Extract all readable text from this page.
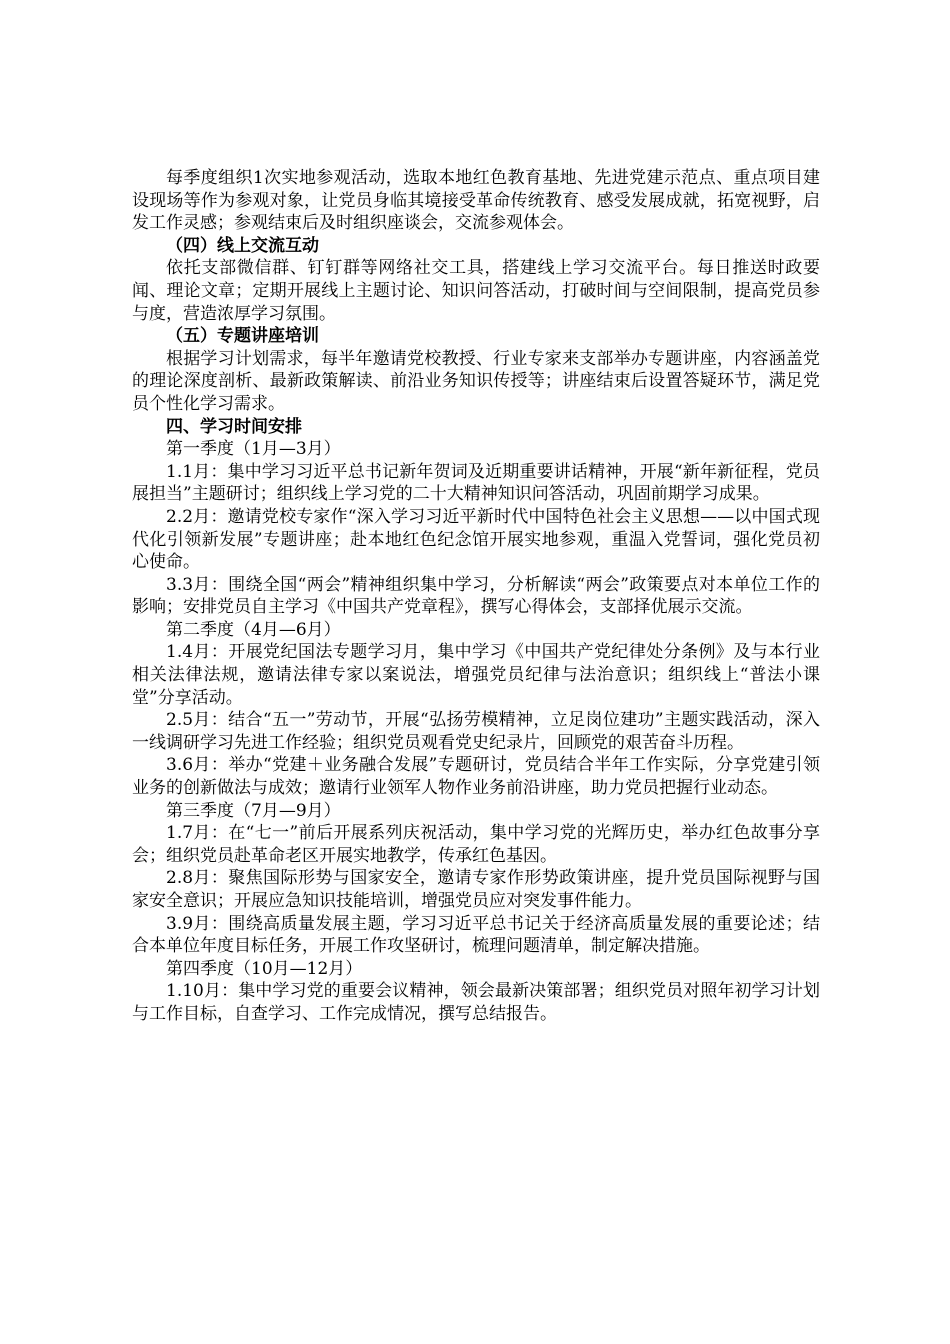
每季度组织1次实地参观活动，选取本地红色教育基地、先进党建示范点、重点项目建设现场等作为参观对象，让党员身临其境接受革命传统教育、感受发展成就，拓宽视野，启发工作灵感；参观结束后及时组织座谈会，交流参观体会。

（四）线上交流互动

依托支部微信群、钉钉群等网络社交工具，搭建线上学习交流平台。每日推送时政要闻、理论文章；定期开展线上主题讨论、知识问答活动，打破时间与空间限制，提高党员参与度，营造浓厚学习氛围。

（五）专题讲座培训

根据学习计划需求，每半年邀请党校教授、行业专家来支部举办专题讲座，内容涵盖党的理论深度剖析、最新政策解读、前沿业务知识传授等；讲座结束后设置答疑环节，满足党员个性化学习需求。

四、学习时间安排

第一季度（1月—3月）

1.1月：集中学习习近平总书记新年贺词及近期重要讲话精神，开展“新年新征程，党员展担当”主题研讨；组织线上学习党的二十大精神知识问答活动，巩固前期学习成果。

2.2月：邀请党校专家作“深入学习习近平新时代中国特色社会主义思想——以中国式现代化引领新发展”专题讲座；赴本地红色纪念馆开展实地参观，重温入党誓词，强化党员初心使命。

3.3月：围绕全国“两会”精神组织集中学习，分析解读“两会”政策要点对本单位工作的影响；安排党员自主学习《中国共产党章程》，撰写心得体会，支部择优展示交流。

第二季度（4月—6月）

1.4月：开展党纪国法专题学习月，集中学习《中国共产党纪律处分条例》及与本行业相关法律法规，邀请法律专家以案说法，增强党员纪律与法治意识；组织线上“普法小课堂”分享活动。

2.5月：结合“五一”劳动节，开展“弘扬劳模精神，立足岗位建功”主题实践活动，深入一线调研学习先进工作经验；组织党员观看党史纪录片，回顾党的艰苦奋斗历程。

3.6月：举办“党建＋业务融合发展”专题研讨，党员结合半年工作实际，分享党建引领业务的创新做法与成效；邀请行业领军人物作业务前沿讲座，助力党员把握行业动态。

第三季度（7月—9月）

1.7月：在“七一”前后开展系列庆祝活动，集中学习党的光辉历史，举办红色故事分享会；组织党员赴革命老区开展实地教学，传承红色基因。

2.8月：聚焦国际形势与国家安全，邀请专家作形势政策讲座，提升党员国际视野与国家安全意识；开展应急知识技能培训，增强党员应对突发事件能力。

3.9月：围绕高质量发展主题，学习习近平总书记关于经济高质量发展的重要论述；结合本单位年度目标任务，开展工作攻坚研讨，梳理问题清单，制定解决措施。

第四季度（10月—12月）

1.10月：集中学习党的重要会议精神，领会最新决策部署；组织党员对照年初学习计划与工作目标，自查学习、工作完成情况，撰写总结报告。
